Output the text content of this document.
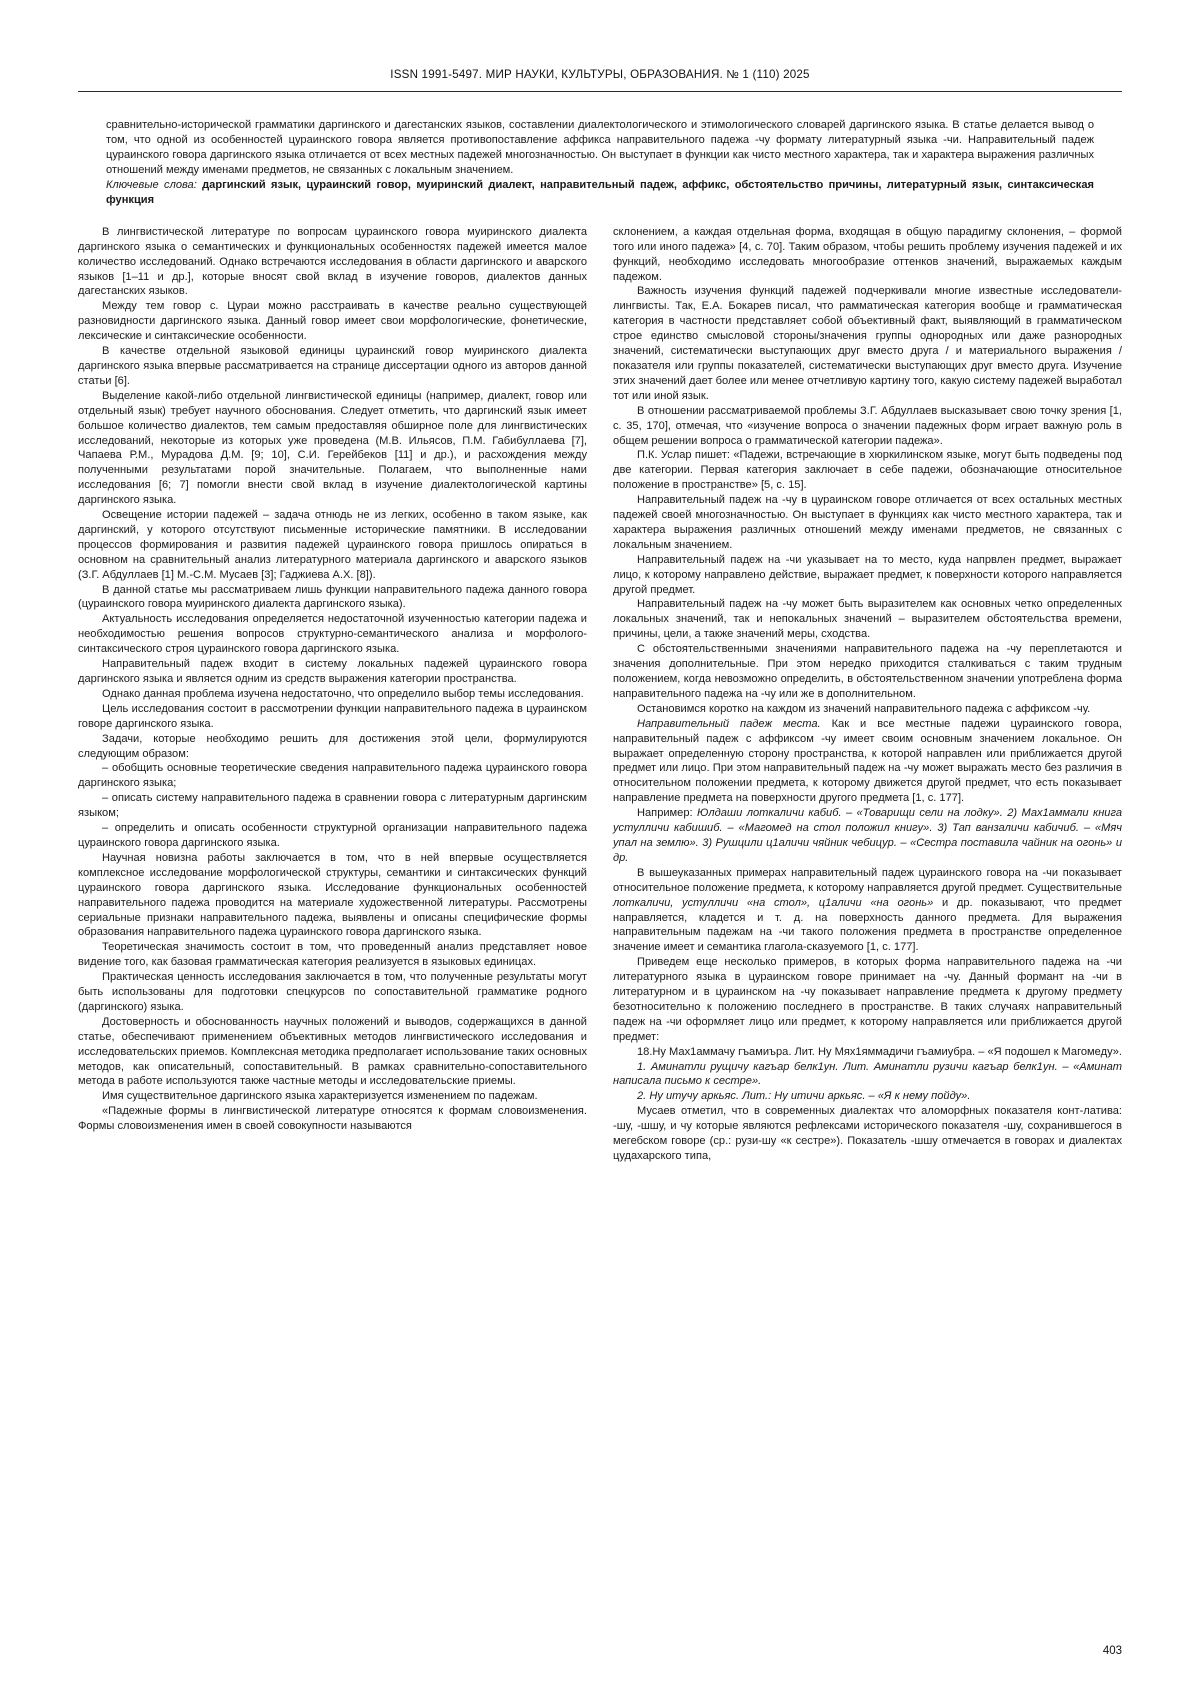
ISSN 1991-5497. МИР НАУКИ, КУЛЬТУРЫ, ОБРАЗОВАНИЯ. № 1 (110) 2025

сравнительно-исторической грамматики даргинского и дагестанских языков, составлении диалектологического и этимологического словарей даргинского языка. В статье делается вывод о том, что одной из особенностей цураинского говора является противопоставление аффикса направительного падежа -чу формату литературный языка -чи. Направительный падеж цураинского говора даргинского языка отличается от всех местных падежей многозначностью. Он выступает в функции как чисто местного характера, так и характера выражения различных отношений между именами предметов, не связанных с локальным значением.

Ключевые слова: даргинский язык, цураинский говор, муиринский диалект, направительный падеж, аффикс, обстоятельство причины, литературный язык, синтаксическая функция

В лингвистической литературе по вопросам цураинского говора муиринского диалекта даргинского языка о семантических и функциональных особенностях падежей имеется малое количество исследований. Однако встречаются исследования в области даргинского и аварского языков [1–11 и др.], которые вносят свой вклад в изучение говоров, диалектов данных дагестанских языков.

Между тем говор с. Цураи можно расстраивать в качестве реально существующей разновидности даргинского языка. Данный говор имеет свои морфологические, фонетические, лексические и синтаксические особенности.

В качестве отдельной языковой единицы цураинский говор муиринского диалекта даргинского языка впервые рассматривается на странице диссертации одного из авторов данной статьи [6].

Выделение какой-либо отдельной лингвистической единицы (например, диалект, говор или отдельный язык) требует научного обоснования. Следует отметить, что даргинский язык имеет большое количество диалектов, тем самым предоставляя обширное поле для лингвистических исследований, некоторые из которых уже проведена (М.В. Ильясов, П.М. Габибуллаева [7], Чапаева Р.М., Мурадова Д.М. [9; 10], С.И. Герейбеков [11] и др.), и расхождения между полученными результатами порой значительные. Полагаем, что выполненные нами исследования [6; 7] помогли внести свой вклад в изучение диалектологической картины даргинского языка.

Освещение истории падежей – задача отнюдь не из легких, особенно в таком языке, как даргинский, у которого отсутствуют письменные исторические памятники. В исследовании процессов формирования и развития падежей цураинского говора пришлось опираться в основном на сравнительный анализ литературного материала даргинского и аварского языков (З.Г. Абдуллаев [1] М.-С.М. Мусаев [3]; Гаджиева А.Х. [8]).

В данной статье мы рассматриваем лишь функции направительного падежа данного говора (цураинского говора муиринского диалекта даргинского языка).

Актуальность исследования определяется недостаточной изученностью категории падежа и необходимостью решения вопросов структурно-семантического анализа и морфолого-синтаксического строя цураинского говора даргинского языка.

Направительный падеж входит в систему локальных падежей цураинского говора даргинского языка и является одним из средств выражения категории пространства.

Однако данная проблема изучена недостаточно, что определило выбор темы исследования.

Цель исследования состоит в рассмотрении функции направительного падежа в цураинском говоре даргинского языка.

Задачи, которые необходимо решить для достижения этой цели, формулируются следующим образом:

– обобщить основные теоретические сведения направительного падежа цураинского говора даргинского языка;

– описать систему направительного падежа в сравнении говора с литературным даргинским языком;

– определить и описать особенности структурной организации направительного падежа цураинского говора даргинского языка.

Научная новизна работы заключается в том, что в ней впервые осуществляется комплексное исследование морфологической структуры, семантики и синтаксических функций цураинского говора даргинского языка. Исследование функциональных особенностей направительного падежа проводится на материале художественной литературы. Рассмотрены сериальные признаки направительного падежа, выявлены и описаны специфические формы образования направительного падежа цураинского говора даргинского языка.

Теоретическая значимость состоит в том, что проведенный анализ представляет новое видение того, как базовая грамматическая категория реализуется в языковых единицах.

Практическая ценность исследования заключается в том, что полученные результаты могут быть использованы для подготовки спецкурсов по сопоставительной грамматике родного (даргинского) языка.

Достоверность и обоснованность научных положений и выводов, содержащихся в данной статье, обеспечивают применением объективных методов лингвистического исследования и исследовательских приемов. Комплексная методика предполагает использование таких основных методов, как описательный, сопоставительный. В рамках сравнительно-сопоставительного метода в работе используются также частные методы и исследовательские приемы.

Имя существительное даргинского языка характеризуется изменением по падежам.

«Падежные формы в лингвистической литературе относятся к формам словоизменения. Формы словоизменения имен в своей совокупности называются

склонением, а каждая отдельная форма, входящая в общую парадигму склонения, – формой того или иного падежа» [4, с. 70]. Таким образом, чтобы решить проблему изучения падежей и их функций, необходимо исследовать многообразие оттенков значений, выражаемых каждым падежом.

Важность изучения функций падежей подчеркивали многие известные исследователи-лингвисты. Так, Е.А. Бокарев писал, что рамматическая категория вообще и грамматическая категория в частности представляет собой объективный факт, выявляющий в грамматическом строе единство смысловой стороны/значения группы однородных или даже разнородных значений, систематически выступающих друг вместо друга / и материального выражения / показателя или группы показателей, систематически выступающих друг вместо друга. Изучение этих значений дает более или менее отчетливую картину того, какую систему падежей выработал тот или иной язык.

В отношении рассматриваемой проблемы З.Г. Абдуллаев высказывает свою точку зрения [1, с. 35, 170], отмечая, что «изучение вопроса о значении падежных форм играет важную роль в общем решении вопроса о грамматической категории падежа».

П.К. Услар пишет: «Падежи, встречающие в хюркилинском языке, могут быть подведены под две категории. Первая категория заключает в себе падежи, обозначающие относительное положение в пространстве» [5, с. 15].

Направительный падеж на -чу в цураинском говоре отличается от всех остальных местных падежей своей многозначностью. Он выступает в функциях как чисто местного характера, так и характера выражения различных отношений между именами предметов, не связанных с локальным значением.

Направительный падеж на -чи указывает на то место, куда напрвлен предмет, выражает лицо, к которому направлено действие, выражает предмет, к поверхности которого направляется другой предмет.

Направительный падеж на -чу может быть выразителем как основных четко определенных локальных значений, так и непокальных значений – выразителем обстоятельства времени, причины, цели, а также значений меры, сходства.

С обстоятельственными значениями направительного падежа на -чу переплетаются и значения дополнительные. При этом нередко приходится сталкиваться с таким трудным положением, когда невозможно определить, в обстоятельственном значении употреблена форма направительного падежа на -чу или же в дополнительном.

Остановимся коротко на каждом из значений направительного падежа с аффиксом -чу.

Направительный падеж места. Как и все местные падежи цураинского говора, направительный падеж с аффиксом -чу имеет своим основным значением локальное. Он выражает определенную сторону пространства, к которой направлен или приближается другой предмет или лицо. При этом направительный падеж на -чу может выражать место без различия в относительном положении предмета, к которому движется другой предмет, что есть показывает направление предмета на поверхности другого предмета [1, с. 177].

Например: Юлдаши лоткаличи кабиб. – «Товарищи сели на лодку». 2) Мах1аммали книга устулличи кабишиб. – «Магомед на стол положил книгу». 3) Тап ванзаличи кабичиб. – «Мяч упал на землю». 3) Рушцили ц1аличи чяйник чебицур. – «Сестра поставила чайник на огонь» и др.

В вышеуказанных примерах направительный падеж цураинского говора на -чи показывает относительное положение предмета, к которому направляется другой предмет. Существительные лоткаличи, устулличи «на стол», ц1аличи «на огонь» и др. показывают, что предмет направляется, кладется и т. д. на поверхность данного предмета. Для выражения направительным падежам на -чи такого положения предмета в пространстве определенное значение имеет и семантика глагола-сказуемого [1, с. 177].

Приведем еще несколько примеров, в которых форма направительного падежа на -чи литературного языка в цураинском говоре принимает на -чу. Данный формант на -чи в литературном и в цураинском на -чу показывает направление предмета к другому предмету безотносительно к положению последнего в пространстве. В таких случаях направительный падеж на -чи оформляет лицо или предмет, к которому направляется или приближается другой предмет:

18.Ну Мах1аммачу гъамиъра. Лит. Ну Мях1яммадичи гъамиубра. – «Я подошел к Магомеду».

1. Аминатли рущичу кагъар белк1ун. Лит. Аминатли рузичи кагъар белк1ун. – «Аминат написала письмо к сестре».

2. Ну итучу аркьяс. Лит.: Ну итичи аркьяс. – «Я к нему пойду».

Мусаев отметил, что в современных диалектах что аломорфных показателя конт-латива: -шу, -шшу, и чу которые являются рефлексами исторического показателя -шу, сохранившегося в мегебском говоре (ср.: рузи-шу «к сестре»). Показатель -шшу отмечается в говорах и диалектах цудахарского типа,

403
